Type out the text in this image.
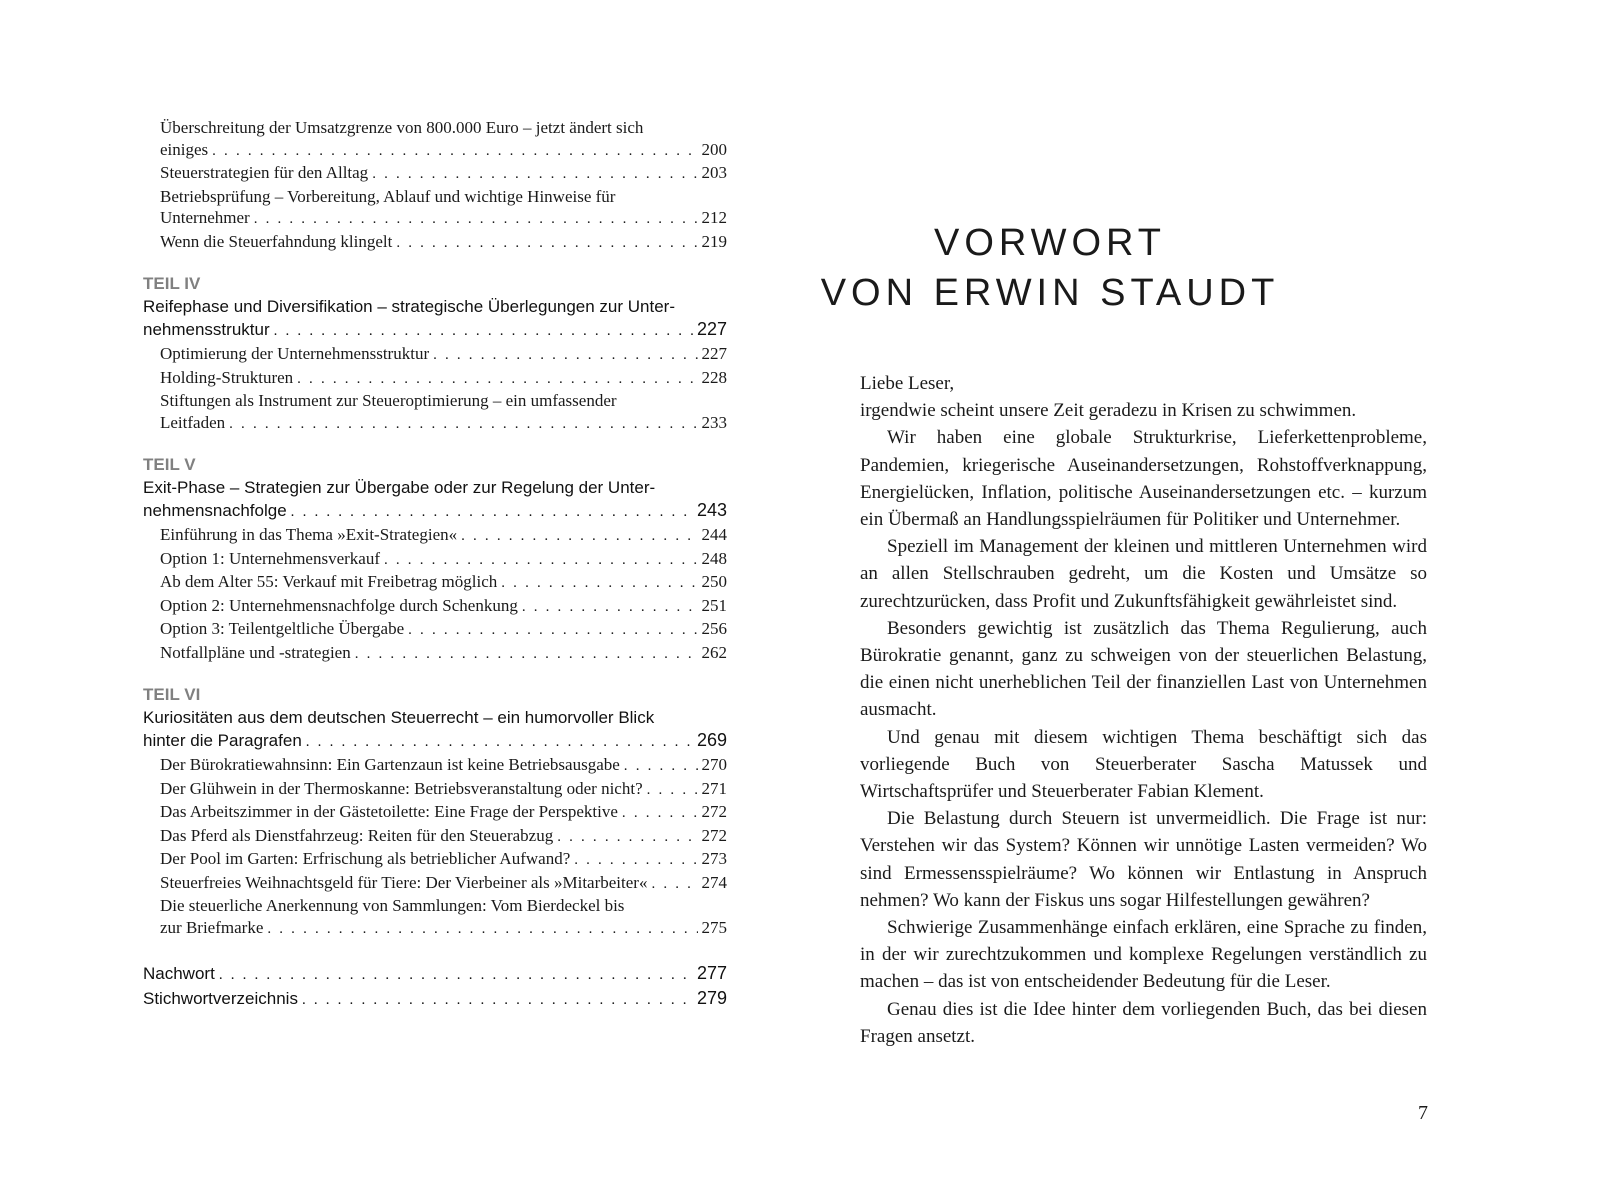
Überschreitung der Umsatzgrenze von 800.000 Euro – jetzt ändert sich
einiges . . .	200
Steuerstrategien für den Alltag . . .	203
Betriebsprüfung – Vorbereitung, Ablauf und wichtige Hinweise für
Unternehmer . . .	212
Wenn die Steuerfahndung klingelt . . .	219
TEIL IV
Reifephase und Diversifikation – strategische Überlegungen zur Unter-
nehmensstruktur . . .	227
Optimierung der Unternehmensstruktur . . .	227
Holding-Strukturen . . .	228
Stiftungen als Instrument zur Steueroptimierung – ein umfassender
Leitfaden . . .	233
TEIL V
Exit-Phase – Strategien zur Übergabe oder zur Regelung der Unter-
nehmensnachfolge . . .	243
Einführung in das Thema »Exit-Strategien« . . .	244
Option 1: Unternehmensverkauf . . .	248
Ab dem Alter 55: Verkauf mit Freibetrag möglich . . .	250
Option 2: Unternehmensnachfolge durch Schenkung . . .	251
Option 3: Teilentgeltliche Übergabe . . .	256
Notfallpläne und -strategien . . .	262
TEIL VI
Kuriositäten aus dem deutschen Steuerrecht – ein humorvoller Blick
hinter die Paragrafen . . .	269
Der Bürokratiewahnsinn: Ein Gartenzaun ist keine Betriebsausgabe . . .	270
Der Glühwein in der Thermoskanne: Betriebsveranstaltung oder nicht? . . .	271
Das Arbeitszimmer in der Gästetoilette: Eine Frage der Perspektive . . .	272
Das Pferd als Dienstfahrzeug: Reiten für den Steuerabzug . . .	272
Der Pool im Garten: Erfrischung als betrieblicher Aufwand? . . .	273
Steuerfreies Weihnachtsgeld für Tiere: Der Vierbeiner als »Mitarbeiter« . . .	274
Die steuerliche Anerkennung von Sammlungen: Vom Bierdeckel bis
zur Briefmarke . . .	275
Nachwort . . .	277
Stichwortverzeichnis . . .	279
VORWORT
VON ERWIN STAUDT

Liebe Leser,

irgendwie scheint unsere Zeit geradezu in Krisen zu schwimmen.

Wir haben eine globale Strukturkrise, Lieferkettenprobleme, Pandemien, kriegerische Auseinandersetzungen, Rohstoffverknappung, Energielücken, Inflation, politische Auseinandersetzungen etc. – kurzum ein Übermaß an Handlungsspielräumen für Politiker und Unternehmer.

Speziell im Management der kleinen und mittleren Unternehmen wird an allen Stellschrauben gedreht, um die Kosten und Umsätze so zurechtzurücken, dass Profit und Zukunftsfähigkeit gewährleistet sind.

Besonders gewichtig ist zusätzlich das Thema Regulierung, auch Bürokratie genannt, ganz zu schweigen von der steuerlichen Belastung, die einen nicht unerheblichen Teil der finanziellen Last von Unternehmen ausmacht.

Und genau mit diesem wichtigen Thema beschäftigt sich das vorliegende Buch von Steuerberater Sascha Matussek und Wirtschaftsprüfer und Steuerberater Fabian Klement.

Die Belastung durch Steuern ist unvermeidlich. Die Frage ist nur: Verstehen wir das System? Können wir unnötige Lasten vermeiden? Wo sind Ermessensspielräume? Wo können wir Entlastung in Anspruch nehmen? Wo kann der Fiskus uns sogar Hilfestellungen gewähren?

Schwierige Zusammenhänge einfach erklären, eine Sprache zu finden, in der wir zurechtzukommen und komplexe Regelungen verständlich zu machen – das ist von entscheidender Bedeutung für die Leser.

Genau dies ist die Idee hinter dem vorliegenden Buch, das bei diesen Fragen ansetzt.

7
